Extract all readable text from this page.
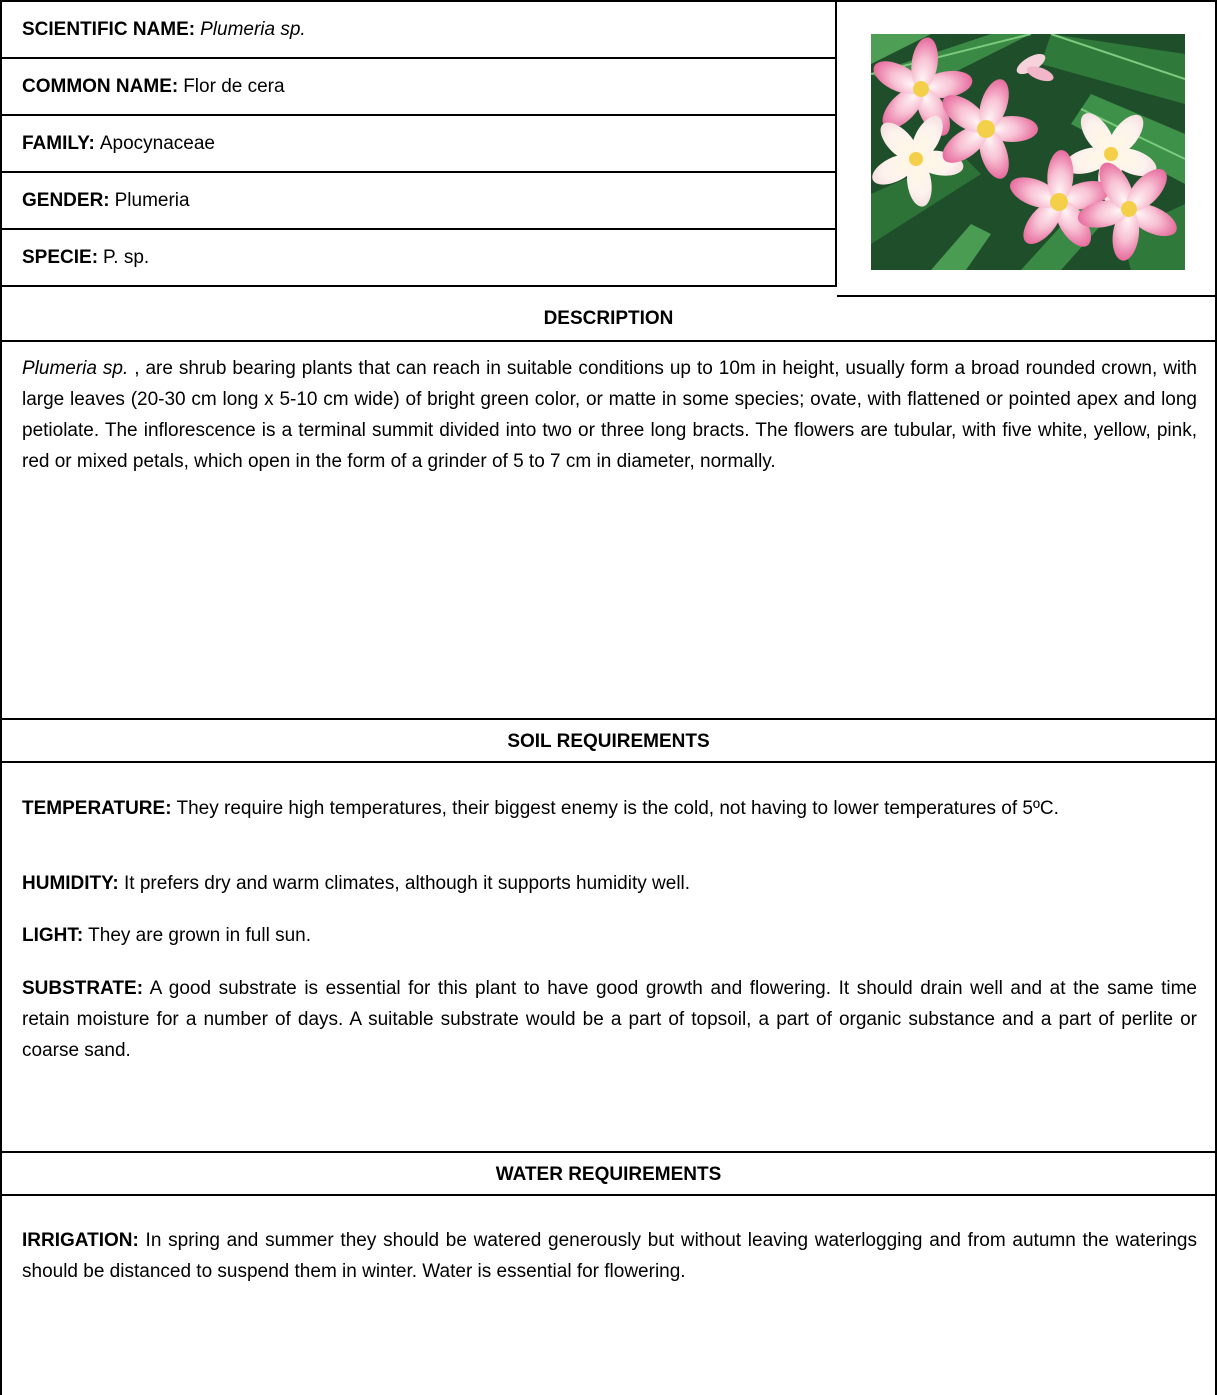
SCIENTIFIC NAME: Plumeria sp.
COMMON NAME: Flor de cera
FAMILY: Apocynaceae
GENDER: Plumeria
SPECIE: P. sp.
DESCRIPTION
Plumeria sp. , are shrub bearing plants that can reach in suitable conditions up to 10m in height, usually form a broad rounded crown, with large leaves (20-30 cm long x 5-10 cm wide) of bright green color, or matte in some species; ovate, with flattened or pointed apex and long petiolate. The inflorescence is a terminal summit divided into two or three long bracts. The flowers are tubular, with five white, yellow, pink, red or mixed petals, which open in the form of a grinder of 5 to 7 cm in diameter, normally.
SOIL REQUIREMENTS
TEMPERATURE: They require high temperatures, their biggest enemy is the cold, not having to lower temperatures of 5ºC.
HUMIDITY: It prefers dry and warm climates, although it supports humidity well.
LIGHT: They are grown in full sun.
SUBSTRATE: A good substrate is essential for this plant to have good growth and flowering. It should drain well and at the same time retain moisture for a number of days. A suitable substrate would be a part of topsoil, a part of organic substance and a part of perlite or coarse sand.
WATER REQUIREMENTS
IRRIGATION: In spring and summer they should be watered generously but without leaving waterlogging and from autumn the waterings should be distanced to suspend them in winter. Water is essential for flowering.
